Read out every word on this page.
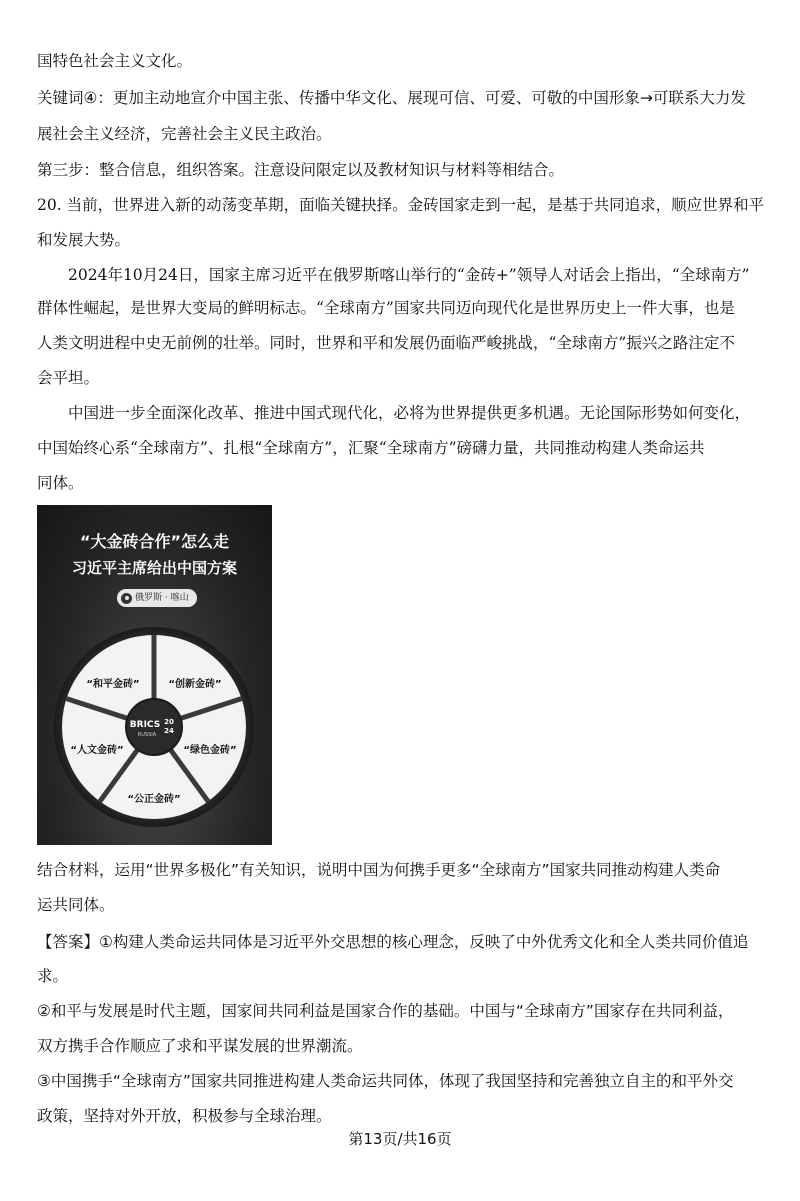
国特色社会主义文化。
关键词④：更加主动地宣介中国主张、传播中华文化、展现可信、可爱、可敬的中国形象→可联系大力发
展社会主义经济，完善社会主义民主政治。
第三步：整合信息，组织答案。注意设问限定以及教材知识与材料等相结合。
20. 当前，世界进入新的动荡变革期，面临关键抉择。金砖国家走到一起，是基于共同追求，顺应世界和平
和发展大势。
2024年10月24日，国家主席习近平在俄罗斯喀山举行的“金砖+”领导人对话会上指出，“全球南方”
群体性崛起，是世界大变局的鲜明标志。“全球南方”国家共同迈向现代化是世界历史上一件大事，也是
人类文明进程中史无前例的壮举。同时，世界和平和发展仍面临严峻挑战，“全球南方”振兴之路注定不
会平坦。
中国进一步全面深化改革、推进中国式现代化，必将为世界提供更多机遇。无论国际形势如何变化，
中国始终心系“全球南方”、扎根“全球南方”，汇聚“全球南方”磅礴力量，共同推动构建人类命运共
同体。
“大金砖合作”怎么走
习近平主席给出中国方案
俄罗斯 · 喀山
BRICS 20
24
RUSSIA
“和平金砖”	“创新金砖”
“绿色金砖”
“公正金砖”
“人文金砖”
结合材料，运用“世界多极化”有关知识，说明中国为何携手更多“全球南方”国家共同推动构建人类命
运共同体。
【答案】①构建人类命运共同体是习近平外交思想的核心理念，反映了中外优秀文化和全人类共同价值追
求。
②和平与发展是时代主题，国家间共同利益是国家合作的基础。中国与“全球南方”国家存在共同利益，
双方携手合作顺应了求和平谋发展的世界潮流。
③中国携手“全球南方”国家共同推进构建人类命运共同体，体现了我国坚持和完善独立自主的和平外交
政策，坚持对外开放，积极参与全球治理。
第13页/共16页
